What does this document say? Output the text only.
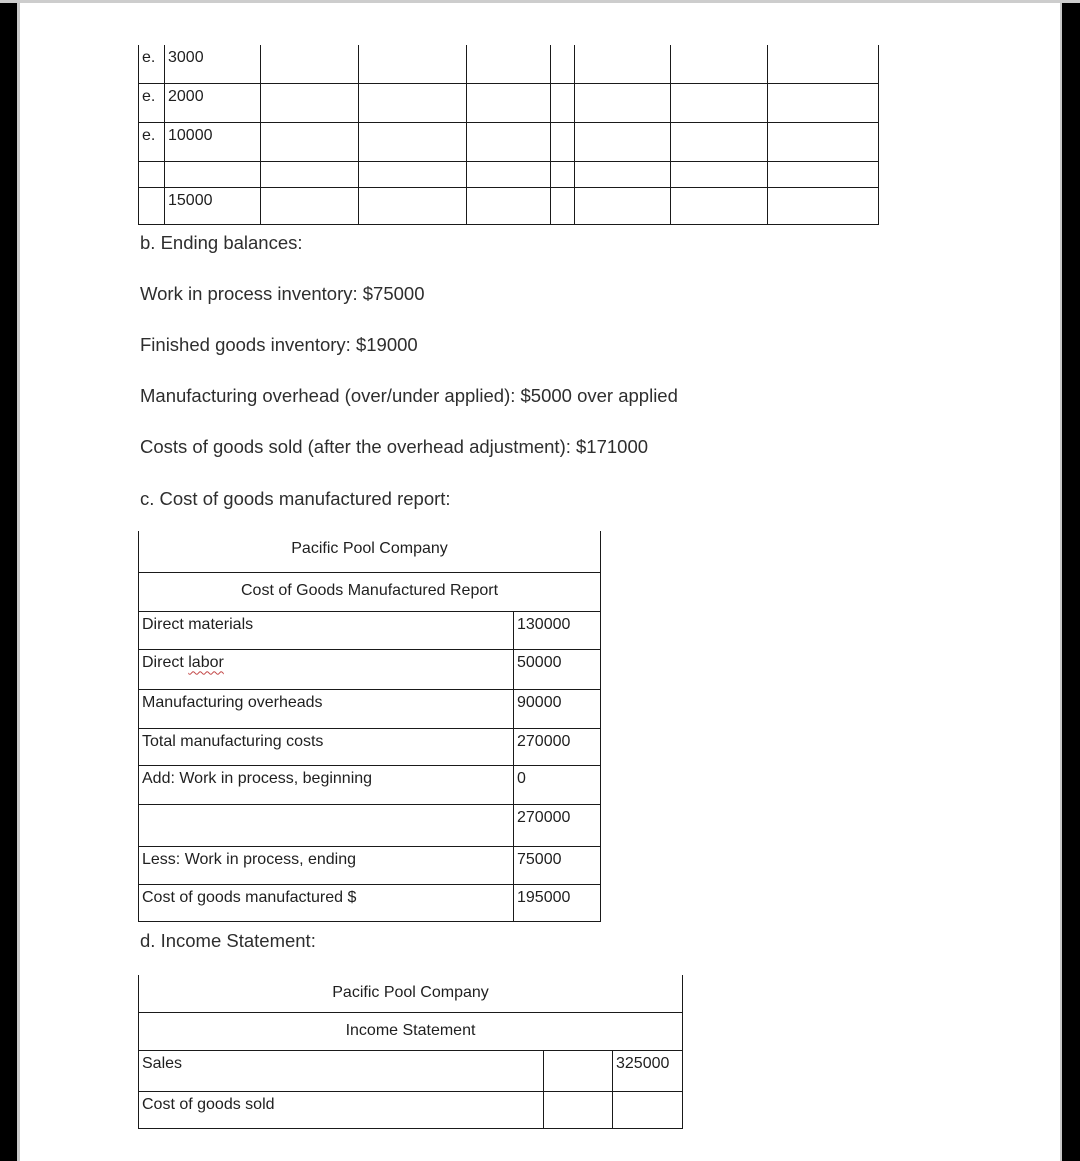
e.	3000							
e.	2000							
e.	10000							

	15000							
b. Ending balances:
Work in process inventory: $75000
Finished goods inventory: $19000
Manufacturing overhead (over/under applied): $5000 over applied
Costs of goods sold (after the overhead adjustment): $171000
c. Cost of goods manufactured report:
Pacific Pool Company	
Cost of Goods Manufactured Report	
Direct materials	130000
Direct labor	50000
Manufacturing overheads	90000
Total manufacturing costs	270000
Add: Work in process, beginning	0
	270000
Less: Work in process, ending	75000
Cost of goods manufactured $	195000
d. Income Statement:
Pacific Pool Company		
Income Statement		
Sales		325000
Cost of goods sold		
